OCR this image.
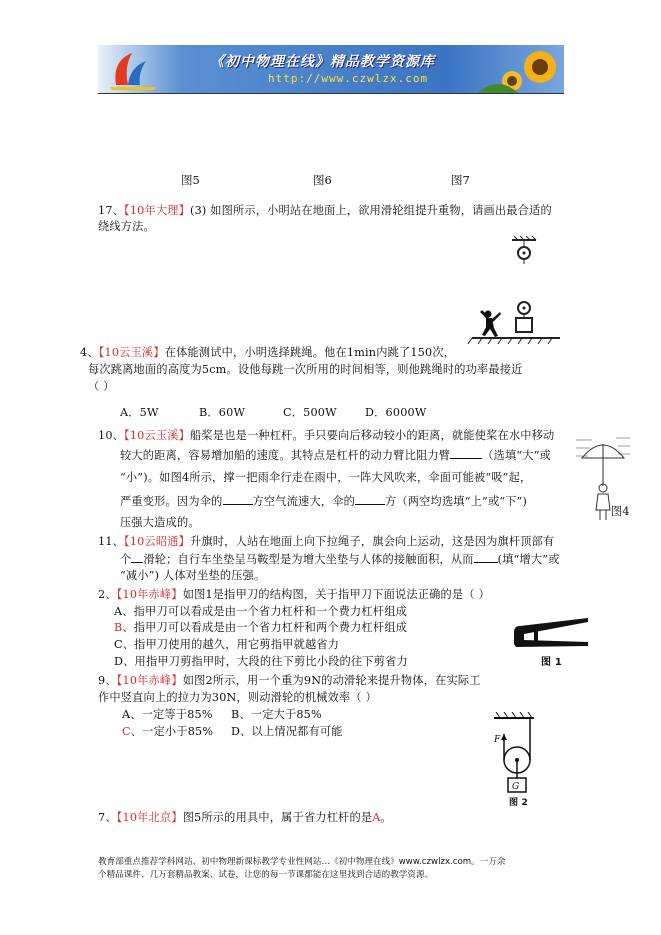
《初中物理在线》精品教学资源库
http://www.czwlzx.com
图5	图6	图7
17、【10年大理】(3) 如图所示，小明站在地面上，欲用滑轮组提升重物，请画出最合适的
绕线方法。
4、【10云玉溪】在体能测试中，小明选择跳绳。他在1min内跳了150次，
每次跳离地面的高度为5cm。设他每跳一次所用的时间相等，则他跳绳时的功率最接近
（ ）
A．5W	B．60W	C．500W	D．6000W
10、【10云玉溪】船桨是也是一种杠杆。手只要向后移动较小的距离，就能使桨在水中移动
较大的距离，容易增加船的速度。其特点是杠杆的动力臂比阻力臂	（选填“大”或
“小”)。如图4所示，撑一把雨伞行走在雨中，一阵大风吹来，伞面可能被“吸”起，
严重变形。因为伞的	方空气流速大，伞的	方（两空均选填“上”或“下”)
压强大造成的。
图4
11、【10云昭通】升旗时，人站在地面上向下拉绳子，旗会向上运动，这是因为旗杆顶部有
个 滑轮；自行车坐垫呈马鞍型是为增大坐垫与人体的接触面积，从而 (填“增大”或
“减小”) 人体对坐垫的压强。
2、【10年赤峰】如图1是指甲刀的结构图，关于指甲刀下面说法正确的是（ ）
A、指甲刀可以看成是由一个省力杠杆和一个费力杠杆组成
B、指甲刀可以看成是由一个省力杠杆和两个费力杠杆组成
C、指甲刀使用的越久，用它剪指甲就越省力
D、用指甲刀剪指甲时，大段的往下剪比小段的往下剪省力	图 1
9、【10年赤峰】如图2所示，用一个重为9N的动滑轮来提升物体，在实际工
作中竖直向上的拉力为30N，则动滑轮的机械效率（ ）
A、一定等于85% B、一定大于85%
C、一定小于85% D、以上情况都有可能
F
G
图 2
7、【10年北京】图5所示的用具中，属于省力杠杆的是A。
教育部重点推荐学科网站、初中物理新课标教学专业性网站…《初中物理在线》www.czwlzx.com。一万余
个精品课件、几万套精品教案、试卷，让您的每一节课都能在这里找到合适的教学资源。
